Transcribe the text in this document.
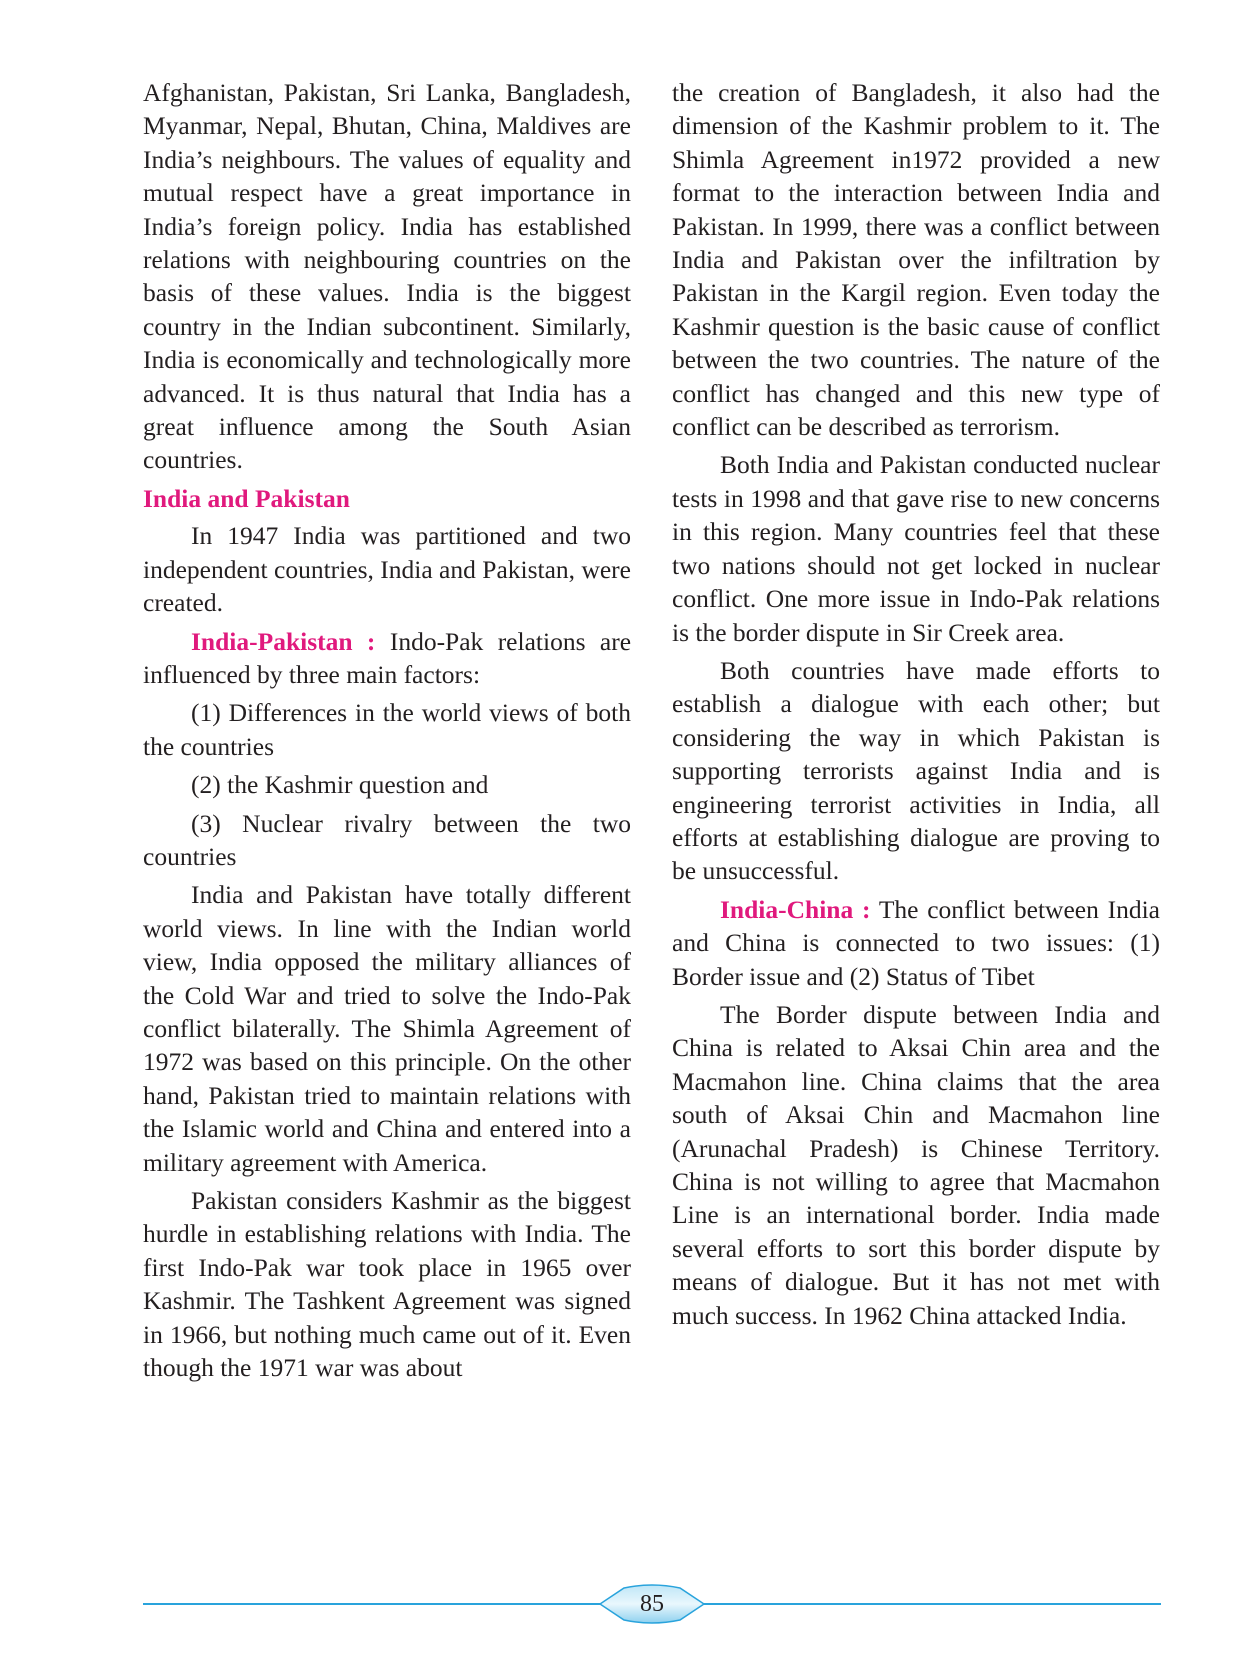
Afghanistan, Pakistan, Sri Lanka, Bangladesh, Myanmar, Nepal, Bhutan, China, Maldives are India’s neighbours. The values of equality and mutual respect have a great importance in India’s foreign policy. India has established relations with neighbouring countries on the basis of these values. India is the biggest country in the Indian subcontinent. Similarly, India is economically and technologically more advanced. It is thus natural that India has a great influence among the South Asian countries.

India and Pakistan

In 1947 India was partitioned and two independent countries, India and Pakistan, were created.

India-Pakistan : Indo-Pak relations are influenced by three main factors:

(1) Differences in the world views of both the countries

(2) the Kashmir question and

(3) Nuclear rivalry between the two countries

India and Pakistan have totally different world views. In line with the Indian world view, India opposed the military alliances of the Cold War and tried to solve the Indo-Pak conflict bilaterally. The Shimla Agreement of 1972 was based on this principle. On the other hand, Pakistan tried to maintain relations with the Islamic world and China and entered into a military agreement with America.

Pakistan considers Kashmir as the biggest hurdle in establishing relations with India. The first Indo-Pak war took place in 1965 over Kashmir. The Tashkent Agreement was signed in 1966, but nothing much came out of it. Even though the 1971 war was about

the creation of Bangladesh, it also had the dimension of the Kashmir problem to it. The Shimla Agreement in1972 provided a new format to the interaction between India and Pakistan. In 1999, there was a conflict between India and Pakistan over the infiltration by Pakistan in the Kargil region. Even today the Kashmir question is the basic cause of conflict between the two countries. The nature of the conflict has changed and this new type of conflict can be described as terrorism.

Both India and Pakistan conducted nuclear tests in 1998 and that gave rise to new concerns in this region. Many countries feel that these two nations should not get locked in nuclear conflict. One more issue in Indo-Pak relations is the border dispute in Sir Creek area.

Both countries have made efforts to establish a dialogue with each other; but considering the way in which Pakistan is supporting terrorists against India and is engineering terrorist activities in India, all efforts at establishing dialogue are proving to be unsuccessful.

India-China : The conflict between India and China is connected to two issues: (1) Border issue and (2) Status of Tibet

The Border dispute between India and China is related to Aksai Chin area and the Macmahon line. China claims that the area south of Aksai Chin and Macmahon line (Arunachal Pradesh) is Chinese Territory. China is not willing to agree that Macmahon Line is an international border. India made several efforts to sort this border dispute by means of dialogue. But it has not met with much success. In 1962 China attacked India.

85
